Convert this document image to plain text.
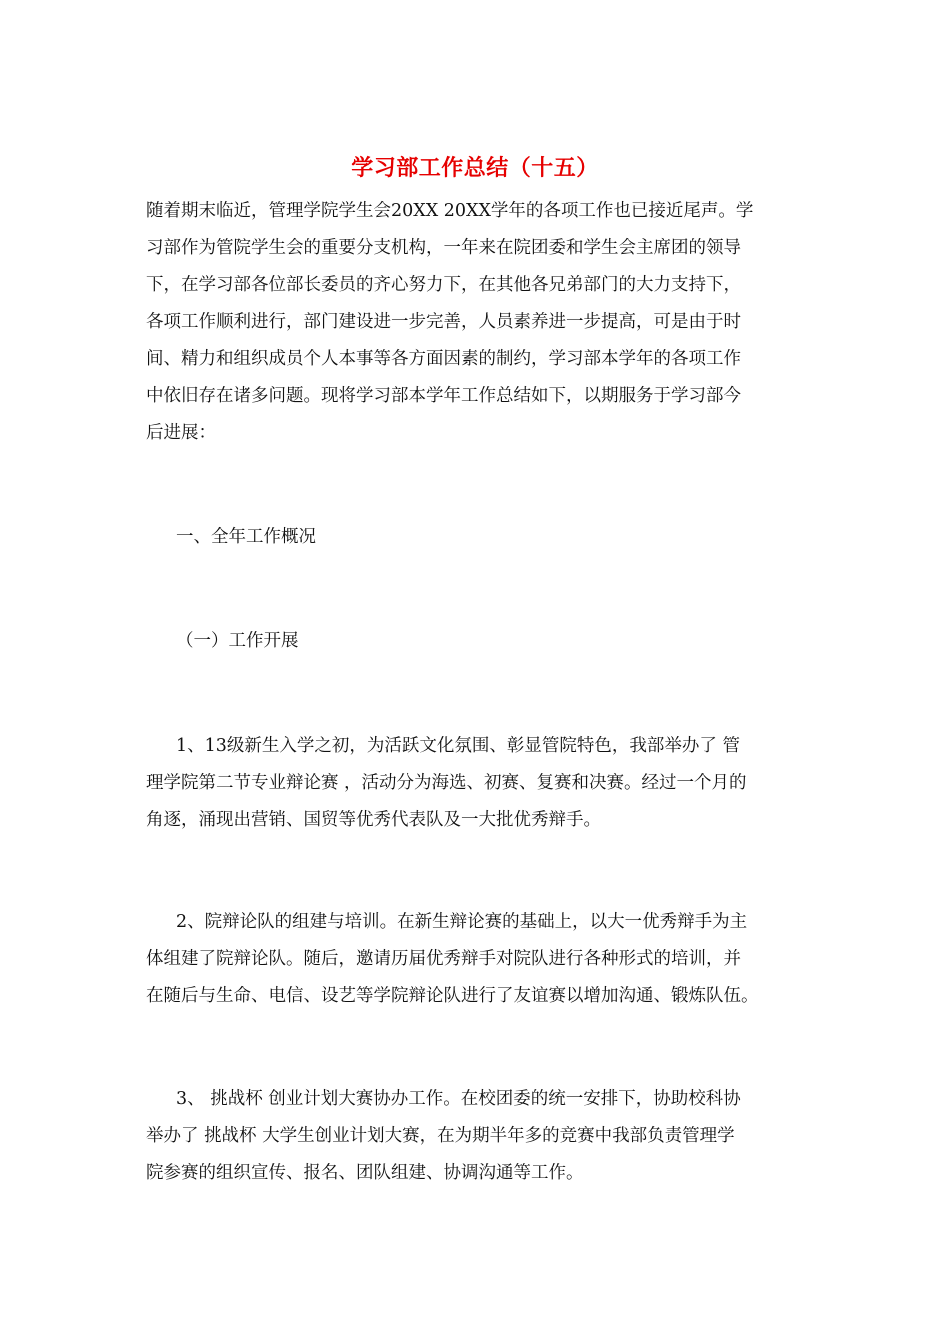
学习部工作总结（十五）
随着期末临近，管理学院学生会20XX 20XX学年的各项工作也已接近尾声。学
习部作为管院学生会的重要分支机构，一年来在院团委和学生会主席团的领导
下，在学习部各位部长委员的齐心努力下，在其他各兄弟部门的大力支持下，
各项工作顺利进行，部门建设进一步完善，人员素养进一步提高，可是由于时
间、精力和组织成员个人本事等各方面因素的制约，学习部本学年的各项工作
中依旧存在诸多问题。现将学习部本学年工作总结如下，以期服务于学习部今
后进展：
一、全年工作概况
（一）工作开展
1、13级新生入学之初，为活跃文化氛围、彰显管院特色，我部举办了 管
理学院第二节专业辩论赛 ，活动分为海选、初赛、复赛和决赛。经过一个月的
角逐，涌现出营销、国贸等优秀代表队及一大批优秀辩手。
2、院辩论队的组建与培训。在新生辩论赛的基础上，以大一优秀辩手为主
体组建了院辩论队。随后，邀请历届优秀辩手对院队进行各种形式的培训，并
在随后与生命、电信、设艺等学院辩论队进行了友谊赛以增加沟通、锻炼队伍。
3、 挑战杯 创业计划大赛协办工作。在校团委的统一安排下，协助校科协
举办了 挑战杯 大学生创业计划大赛，在为期半年多的竞赛中我部负责管理学
院参赛的组织宣传、报名、团队组建、协调沟通等工作。
